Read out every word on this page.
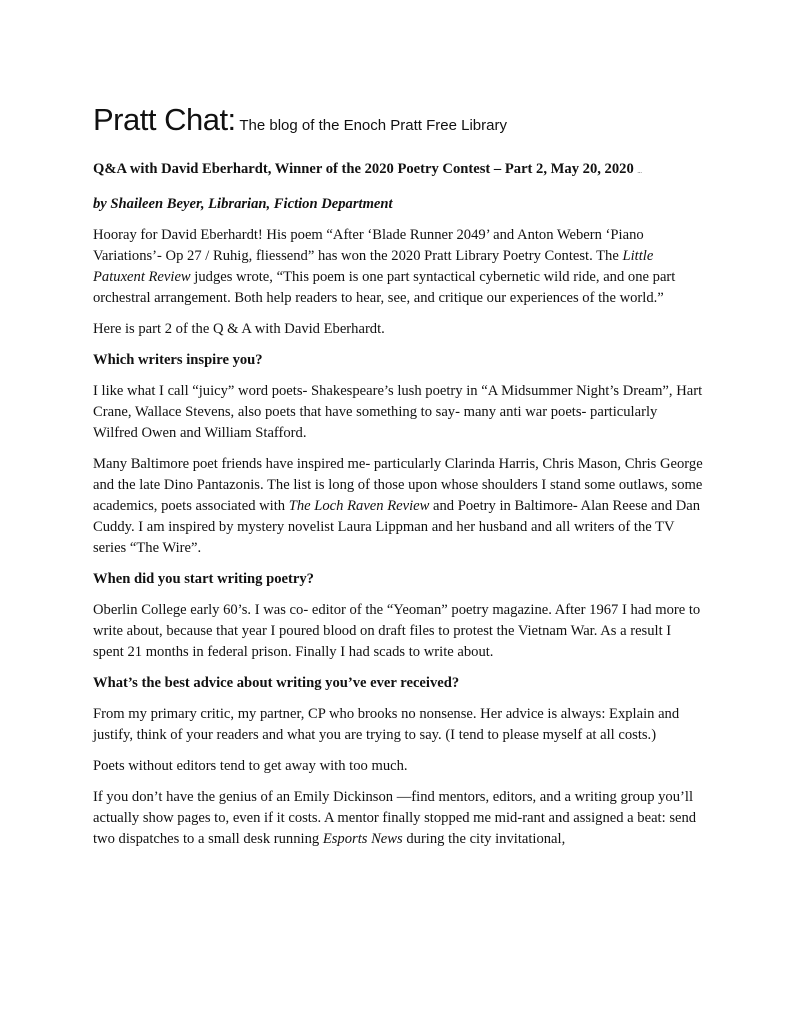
Pratt Chat: The blog of the Enoch Pratt Free Library
Q&A with David Eberhardt, Winner of the 2020 Poetry Contest – Part 2, May 20, 2020 ...

by Shaileen Beyer, Librarian, Fiction Department

Hooray for David Eberhardt! His poem “After ‘Blade Runner 2049’ and Anton Webern ‘Piano Variations’- Op 27 / Ruhig, fliessend” has won the 2020 Pratt Library Poetry Contest. The Little Patuxent Review judges wrote, “This poem is one part syntactical cybernetic wild ride, and one part orchestral arrangement. Both help readers to hear, see, and critique our experiences of the world.”

Here is part 2 of the Q & A with David Eberhardt.

Which writers inspire you?

I like what I call “juicy” word poets- Shakespeare’s lush poetry in “A Midsummer Night’s Dream”, Hart Crane, Wallace Stevens, also poets that have something to say- many anti war poets- particularly Wilfred Owen and William Stafford.

Many Baltimore poet friends have inspired me- particularly Clarinda Harris, Chris Mason, Chris George and the late Dino Pantazonis. The list is long of those upon whose shoulders I stand some outlaws, some academics, poets associated with The Loch Raven Review and Poetry in Baltimore- Alan Reese and Dan Cuddy. I am inspired by mystery novelist Laura Lippman and her husband and all writers of the TV series “The Wire”.

When did you start writing poetry?

Oberlin College early 60’s. I was co- editor of the “Yeoman” poetry magazine. After 1967 I had more to write about, because that year I poured blood on draft files to protest the Vietnam War. As a result I spent 21 months in federal prison. Finally I had scads to write about.

What’s the best advice about writing you’ve ever received?

From my primary critic, my partner, CP who brooks no nonsense. Her advice is always: Explain and justify, think of your readers and what you are trying to say. (I tend to please myself at all costs.)

Poets without editors tend to get away with too much.

If you don’t have the genius of an Emily Dickinson —find mentors, editors, and a writing group you’ll actually show pages to, even if it costs. A mentor finally stopped me mid-rant and assigned a beat: send two dispatches to a small desk running Esports News during the city invitational,
